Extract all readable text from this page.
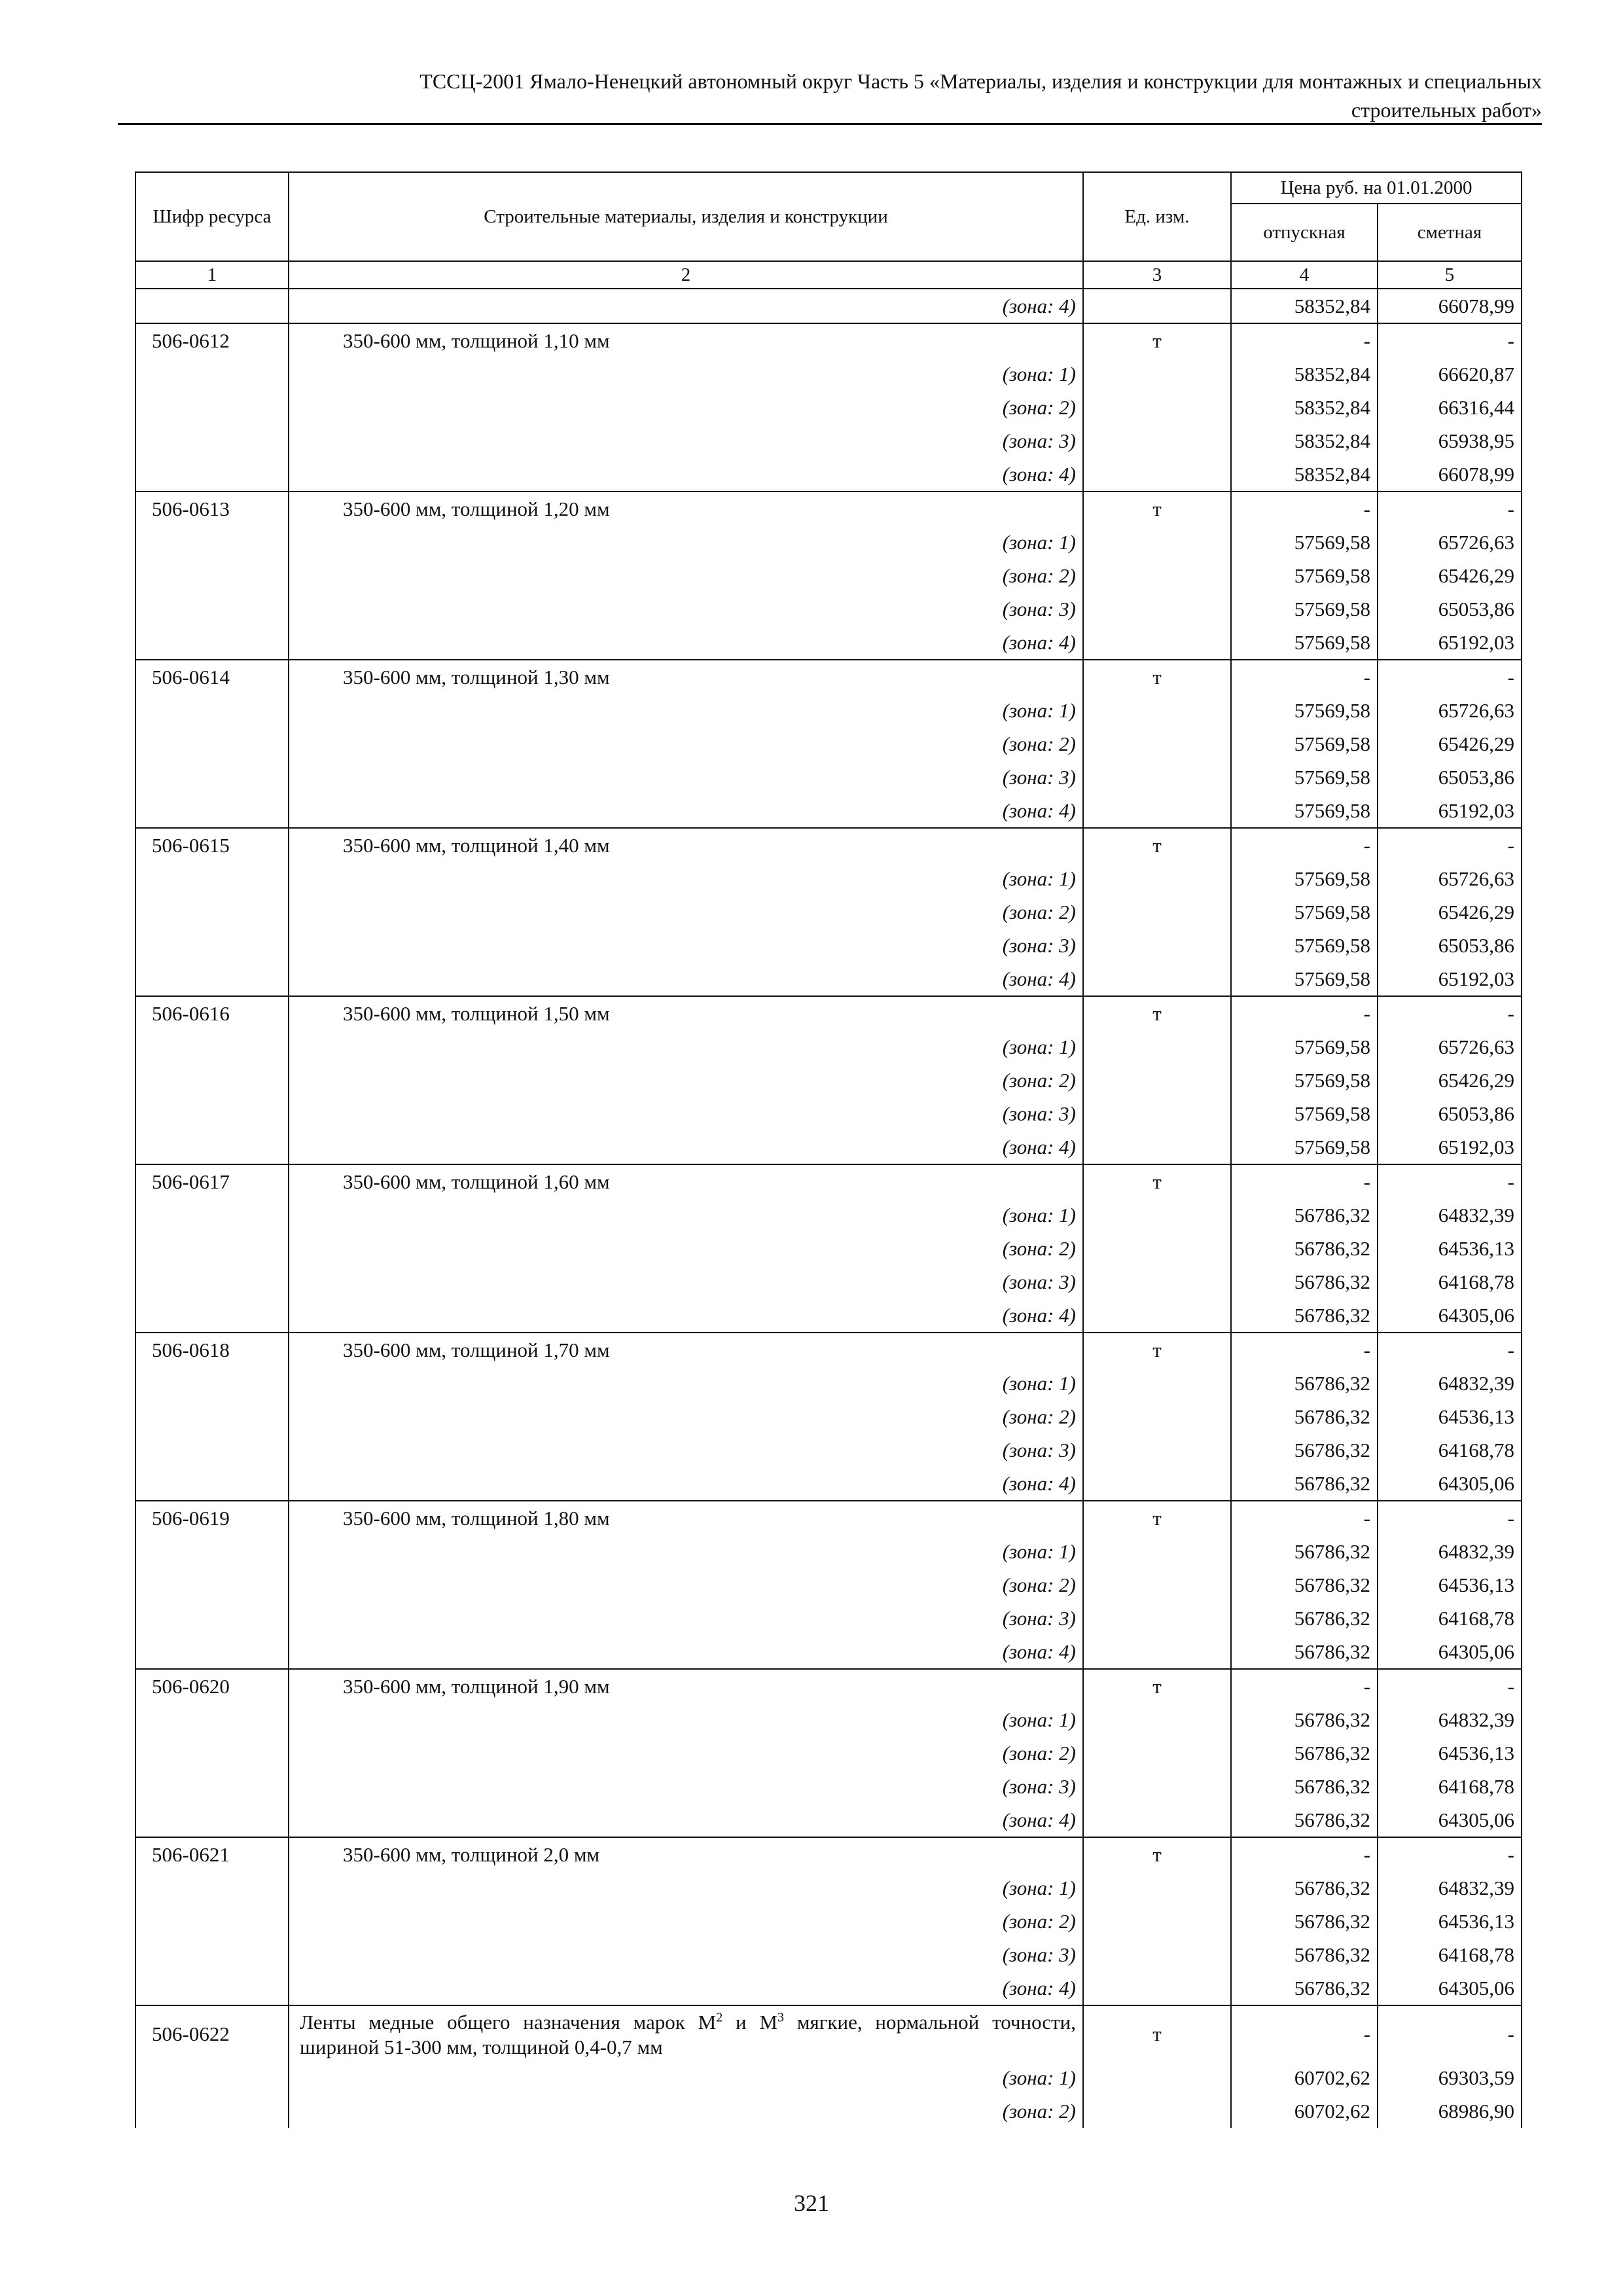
ТССЦ-2001 Ямало-Ненецкий автономный округ Часть 5 «Материалы, изделия и конструкции для монтажных и специальных
строительных работ»
Шифр ресурса	Строительные материалы, изделия и конструкции	Ед. изм.	Цена руб. на 01.01.2000	
			отпускная	сметная
1	2	3	4	5
	(зона: 4)		58352,84	66078,99
506-0612	350-600 мм, толщиной 1,10 мм	т	-	-
	(зона: 1)		58352,84	66620,87
	(зона: 2)		58352,84	66316,44
	(зона: 3)		58352,84	65938,95
	(зона: 4)		58352,84	66078,99
506-0613	350-600 мм, толщиной 1,20 мм	т	-	-
	(зона: 1)		57569,58	65726,63
	(зона: 2)		57569,58	65426,29
	(зона: 3)		57569,58	65053,86
	(зона: 4)		57569,58	65192,03
506-0614	350-600 мм, толщиной 1,30 мм	т	-	-
	(зона: 1)		57569,58	65726,63
	(зона: 2)		57569,58	65426,29
	(зона: 3)		57569,58	65053,86
	(зона: 4)		57569,58	65192,03
506-0615	350-600 мм, толщиной 1,40 мм	т	-	-
	(зона: 1)		57569,58	65726,63
	(зона: 2)		57569,58	65426,29
	(зона: 3)		57569,58	65053,86
	(зона: 4)		57569,58	65192,03
506-0616	350-600 мм, толщиной 1,50 мм	т	-	-
	(зона: 1)		57569,58	65726,63
	(зона: 2)		57569,58	65426,29
	(зона: 3)		57569,58	65053,86
	(зона: 4)		57569,58	65192,03
506-0617	350-600 мм, толщиной 1,60 мм	т	-	-
	(зона: 1)		56786,32	64832,39
	(зона: 2)		56786,32	64536,13
	(зона: 3)		56786,32	64168,78
	(зона: 4)		56786,32	64305,06
506-0618	350-600 мм, толщиной 1,70 мм	т	-	-
	(зона: 1)		56786,32	64832,39
	(зона: 2)		56786,32	64536,13
	(зона: 3)		56786,32	64168,78
	(зона: 4)		56786,32	64305,06
506-0619	350-600 мм, толщиной 1,80 мм	т	-	-
	(зона: 1)		56786,32	64832,39
	(зона: 2)		56786,32	64536,13
	(зона: 3)		56786,32	64168,78
	(зона: 4)		56786,32	64305,06
506-0620	350-600 мм, толщиной 1,90 мм	т	-	-
	(зона: 1)		56786,32	64832,39
	(зона: 2)		56786,32	64536,13
	(зона: 3)		56786,32	64168,78
	(зона: 4)		56786,32	64305,06
506-0621	350-600 мм, толщиной 2,0 мм	т	-	-
	(зона: 1)		56786,32	64832,39
	(зона: 2)		56786,32	64536,13
	(зона: 3)		56786,32	64168,78
	(зона: 4)		56786,32	64305,06
506-0622	Ленты медные общего назначения марок $М^2$ и $М^3$ мягкие, нормальной точности, шириной 51-300 мм, толщиной 0,4-0,7 мм	т	-	-
	(зона: 1)		60702,62	69303,59
	(зона: 2)		60702,62	68986,90
321
